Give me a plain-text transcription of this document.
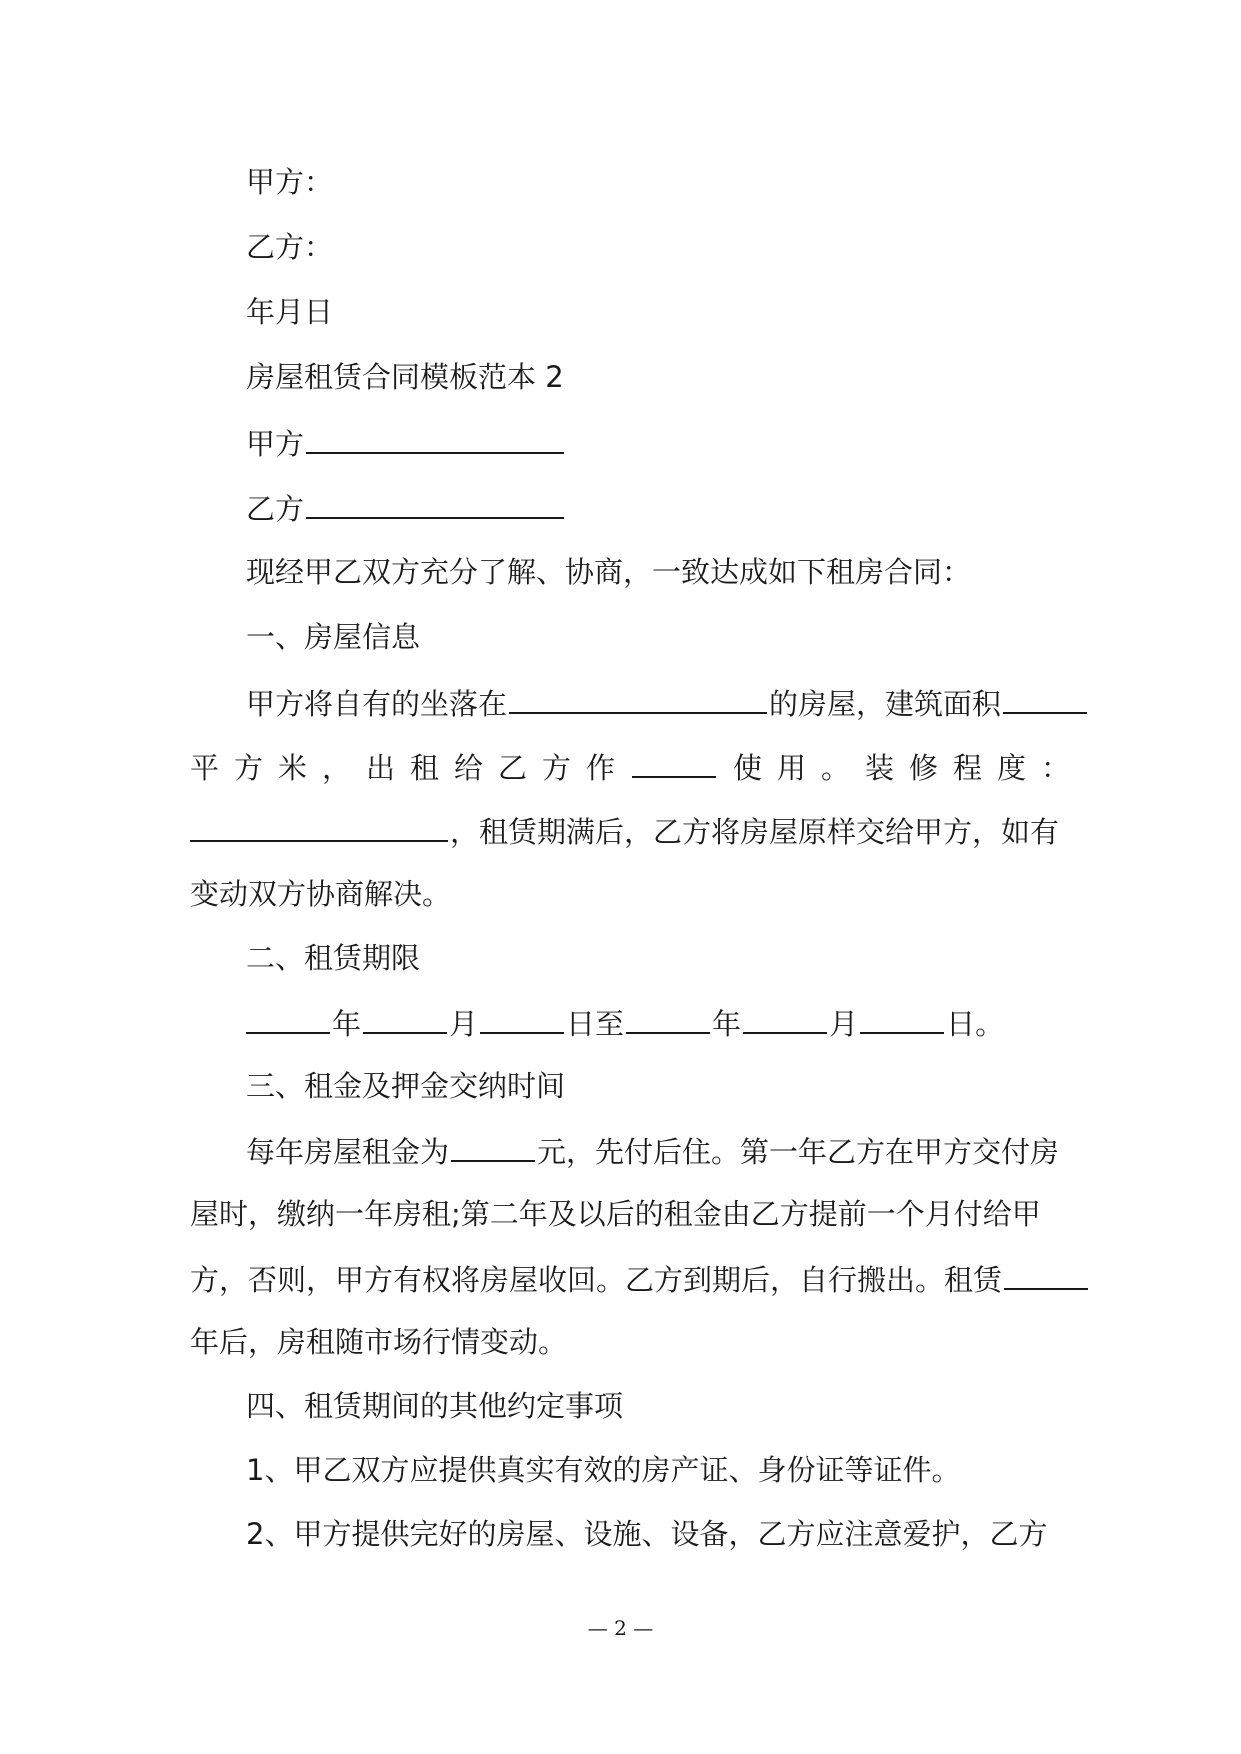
甲方：
乙方：
年月日
房屋租赁合同模板范本 2
甲方
乙方
现经甲乙双方充分了解、协商，一致达成如下租房合同：
一、房屋信息
甲方将自有的坐落在	的房屋，建筑面积
平 方 米 ， 出 租 给 乙 方 作	使 用 。 装 修 程 度 ：
，租赁期满后，乙方将房屋原样交给甲方，如有
变动双方协商解决。
二、租赁期限
年	月	日至	年	月	日。
三、租金及押金交纳时间
每年房屋租金为	元，先付后住。第一年乙方在甲方交付房
屋时，缴纳一年房租;第二年及以后的租金由乙方提前一个月付给甲
方，否则，甲方有权将房屋收回。乙方到期后，自行搬出。租赁
年后，房租随市场行情变动。
四、租赁期间的其他约定事项
1、甲乙双方应提供真实有效的房产证、身份证等证件。
2、甲方提供完好的房屋、设施、设备，乙方应注意爱护，乙方
— 2 —
